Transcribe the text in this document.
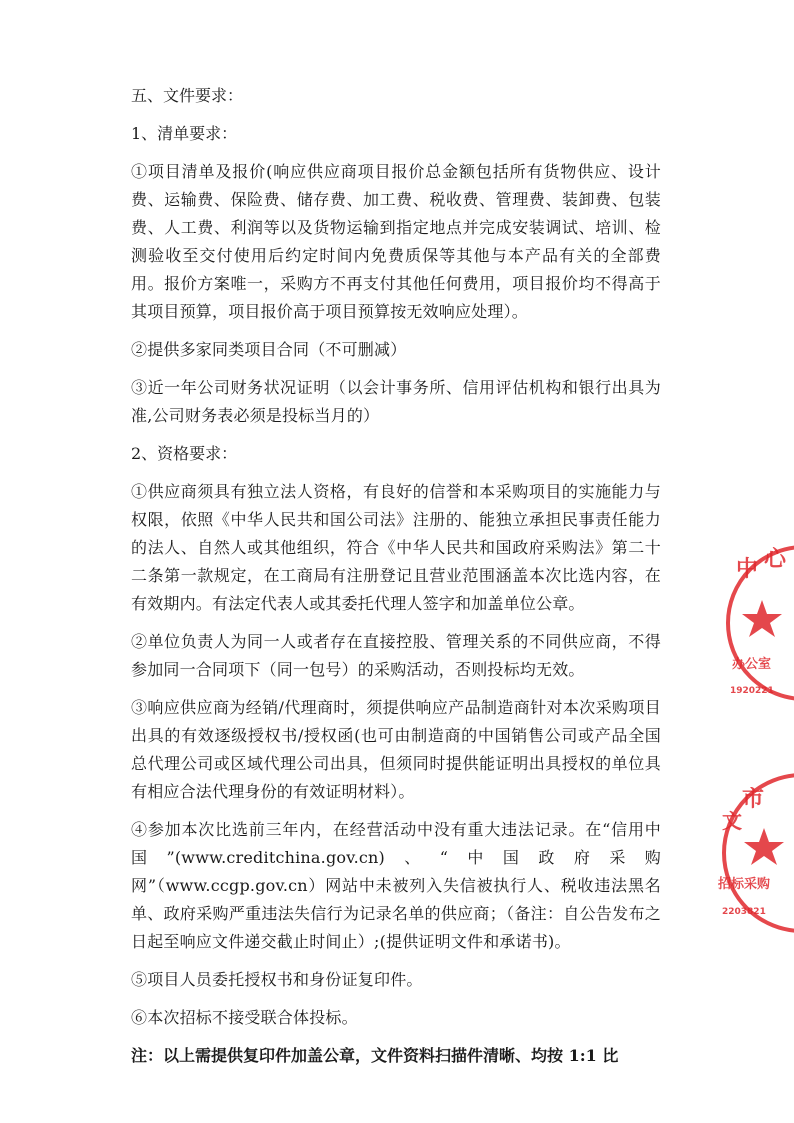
五、文件要求：

1、清单要求：

①项目清单及报价(响应供应商项目报价总金额包括所有货物供应、设计费、运输费、保险费、储存费、加工费、税收费、管理费、装卸费、包装费、人工费、利润等以及货物运输到指定地点并完成安装调试、培训、检测验收至交付使用后约定时间内免费质保等其他与本产品有关的全部费用。报价方案唯一，采购方不再支付其他任何费用，项目报价均不得高于其项目预算，项目报价高于项目预算按无效响应处理）。

②提供多家同类项目合同（不可删减）

③近一年公司财务状况证明（以会计事务所、信用评估机构和银行出具为准,公司财务表必须是投标当月的）

2、资格要求：

①供应商须具有独立法人资格，有良好的信誉和本采购项目的实施能力与权限，依照《中华人民共和国公司法》注册的、能独立承担民事责任能力的法人、自然人或其他组织，符合《中华人民共和国政府采购法》第二十二条第一款规定，在工商局有注册登记且营业范围涵盖本次比选内容，在有效期内。有法定代表人或其委托代理人签字和加盖单位公章。

②单位负责人为同一人或者存在直接控股、管理关系的不同供应商，不得参加同一合同项下（同一包号）的采购活动，否则投标均无效。

③响应供应商为经销/代理商时，须提供响应产品制造商针对本次采购项目出具的有效逐级授权书/授权函(也可由制造商的中国销售公司或产品全国总代理公司或区域代理公司出具，但须同时提供能证明出具授权的单位具有相应合法代理身份的有效证明材料）。

④参加本次比选前三年内，在经营活动中没有重大违法记录。在“信用中国”(www.creditchina.gov.cn)、“中国政府采购网”（www.ccgp.gov.cn）网站中未被列入失信被执行人、税收违法黑名单、政府采购严重违法失信行为记录名单的供应商；（备注：自公告发布之日起至响应文件递交截止时间止）;(提供证明文件和承诺书)。

⑤项目人员委托授权书和身份证复印件。

⑥本次招标不接受联合体投标。

注：以上需提供复印件加盖公章，文件资料扫描件清晰、均按 1:1 比

中 心
办公室
1920221
文
市
招标采购
2203821
